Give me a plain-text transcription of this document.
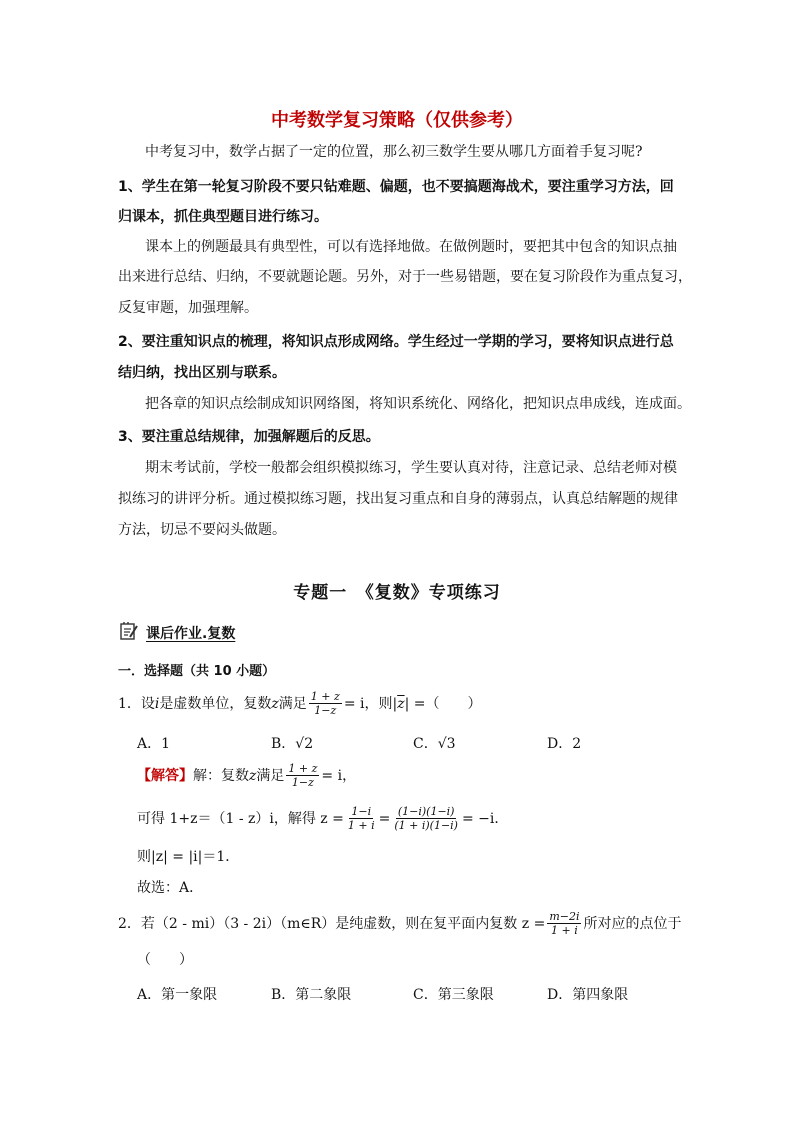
中考数学复习策略（仅供参考）
中考复习中，数学占据了一定的位置，那么初三数学生要从哪几方面着手复习呢?
1、学生在第一轮复习阶段不要只钻难题、偏题，也不要搞题海战术，要注重学习方法，回
归课本，抓住典型题目进行练习。
课本上的例题最具有典型性，可以有选择地做。在做例题时，要把其中包含的知识点抽
出来进行总结、归纳，不要就题论题。另外，对于一些易错题，要在复习阶段作为重点复习，
反复审题，加强理解。
2、要注重知识点的梳理，将知识点形成网络。学生经过一学期的学习，要将知识点进行总
结归纳，找出区别与联系。
把各章的知识点绘制成知识网络图，将知识系统化、网络化，把知识点串成线，连成面。
3、要注重总结规律，加强解题后的反思。
期末考试前，学校一般都会组织模拟练习，学生要认真对待，注意记录、总结老师对模
拟练习的讲评分析。通过模拟练习题，找出复习重点和自身的薄弱点，认真总结解题的规律
方法，切忌不要闷头做题。
专题一　《复数》专项练习
课后作业.复数
一．选择题（共 10 小题）
1．设 i 是虚数单位，复数 z 满足 $\frac{1 + z}{1-z} = i$，则| $\overline{z}$ | =（　　）
A．1	B．√2	C．√3	D．2
【解答】 解：复数 z 满足 $\frac{1 + z}{1-z} = i$，
可得 1+z＝（1 - z）i，解得 $z = \frac{1-i}{1 + i} = \frac{(1-i)(1-i)}{(1 + i)(1-i)} = -i$．
则|z| = |i|＝1．
故选：A．
2．若（2 - mi）（3 - 2i）（m∈R）是纯虚数，则在复平面内复数 $z = \frac{m-2i}{1 + i}$ 所对应的点位于
（　　）
A．第一象限	B．第二象限	C．第三象限	D．第四象限
